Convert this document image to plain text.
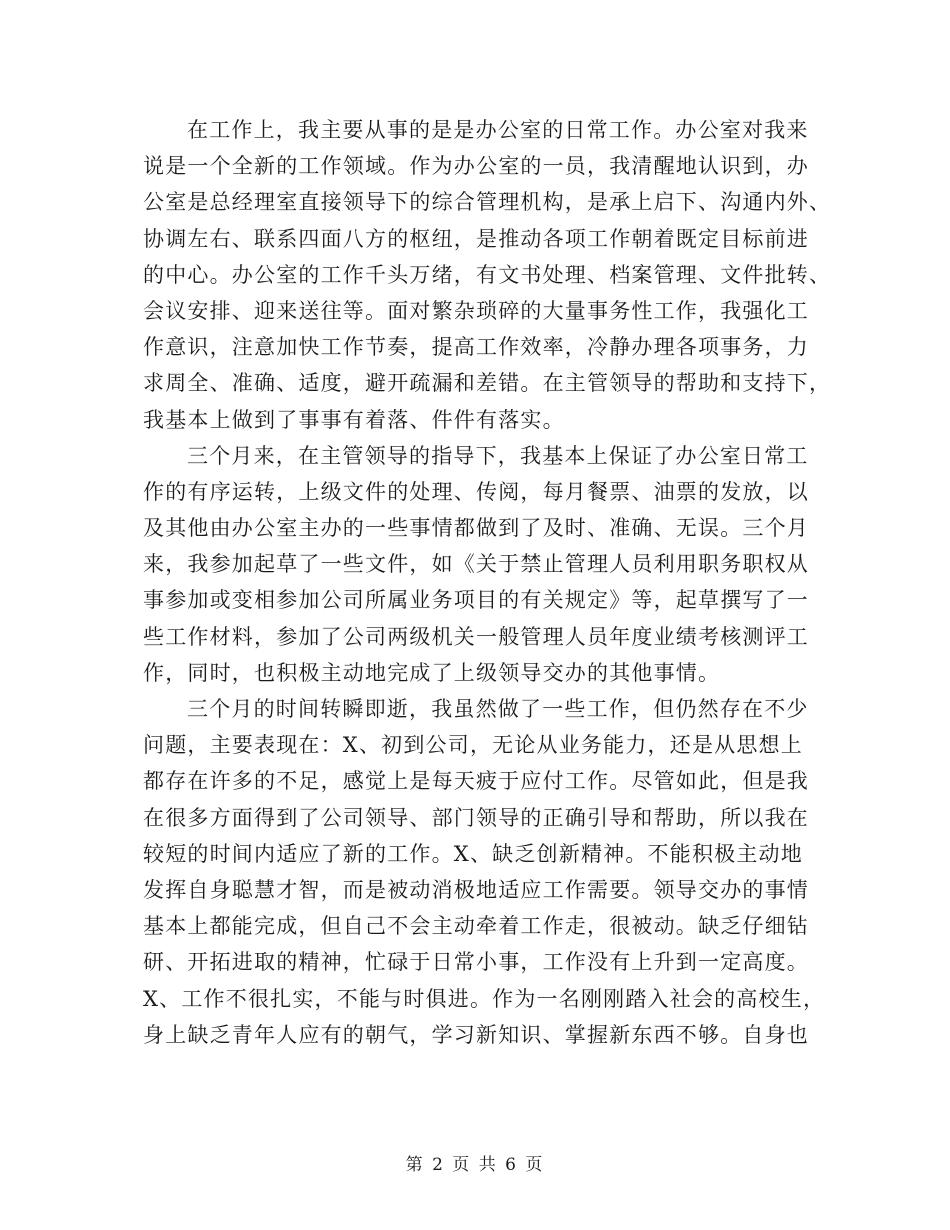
在工作上，我主要从事的是是办公室的日常工作。办公室对我来
说是一个全新的工作领域。作为办公室的一员，我清醒地认识到，办
公室是总经理室直接领导下的综合管理机构，是承上启下、沟通内外、
协调左右、联系四面八方的枢纽，是推动各项工作朝着既定目标前进
的中心。办公室的工作千头万绪，有文书处理、档案管理、文件批转、
会议安排、迎来送往等。面对繁杂琐碎的大量事务性工作，我强化工
作意识，注意加快工作节奏，提高工作效率，冷静办理各项事务，力
求周全、准确、适度，避开疏漏和差错。在主管领导的帮助和支持下，
我基本上做到了事事有着落、件件有落实。

三个月来，在主管领导的指导下，我基本上保证了办公室日常工
作的有序运转，上级文件的处理、传阅，每月餐票、油票的发放，以
及其他由办公室主办的一些事情都做到了及时、准确、无误。三个月
来，我参加起草了一些文件，如《关于禁止管理人员利用职务职权从
事参加或变相参加公司所属业务项目的有关规定》等，起草撰写了一
些工作材料，参加了公司两级机关一般管理人员年度业绩考核测评工
作，同时，也积极主动地完成了上级领导交办的其他事情。

三个月的时间转瞬即逝，我虽然做了一些工作，但仍然存在不少
问题，主要表现在：X、初到公司，无论从业务能力，还是从思想上
都存在许多的不足，感觉上是每天疲于应付工作。尽管如此，但是我
在很多方面得到了公司领导、部门领导的正确引导和帮助，所以我在
较短的时间内适应了新的工作。X、缺乏创新精神。不能积极主动地
发挥自身聪慧才智，而是被动消极地适应工作需要。领导交办的事情
基本上都能完成，但自己不会主动牵着工作走，很被动。缺乏仔细钻
研、开拓进取的精神，忙碌于日常小事，工作没有上升到一定高度。
X、工作不很扎实，不能与时俱进。作为一名刚刚踏入社会的高校生，
身上缺乏青年人应有的朝气，学习新知识、掌握新东西不够。自身也

第 2 页 共 6 页
